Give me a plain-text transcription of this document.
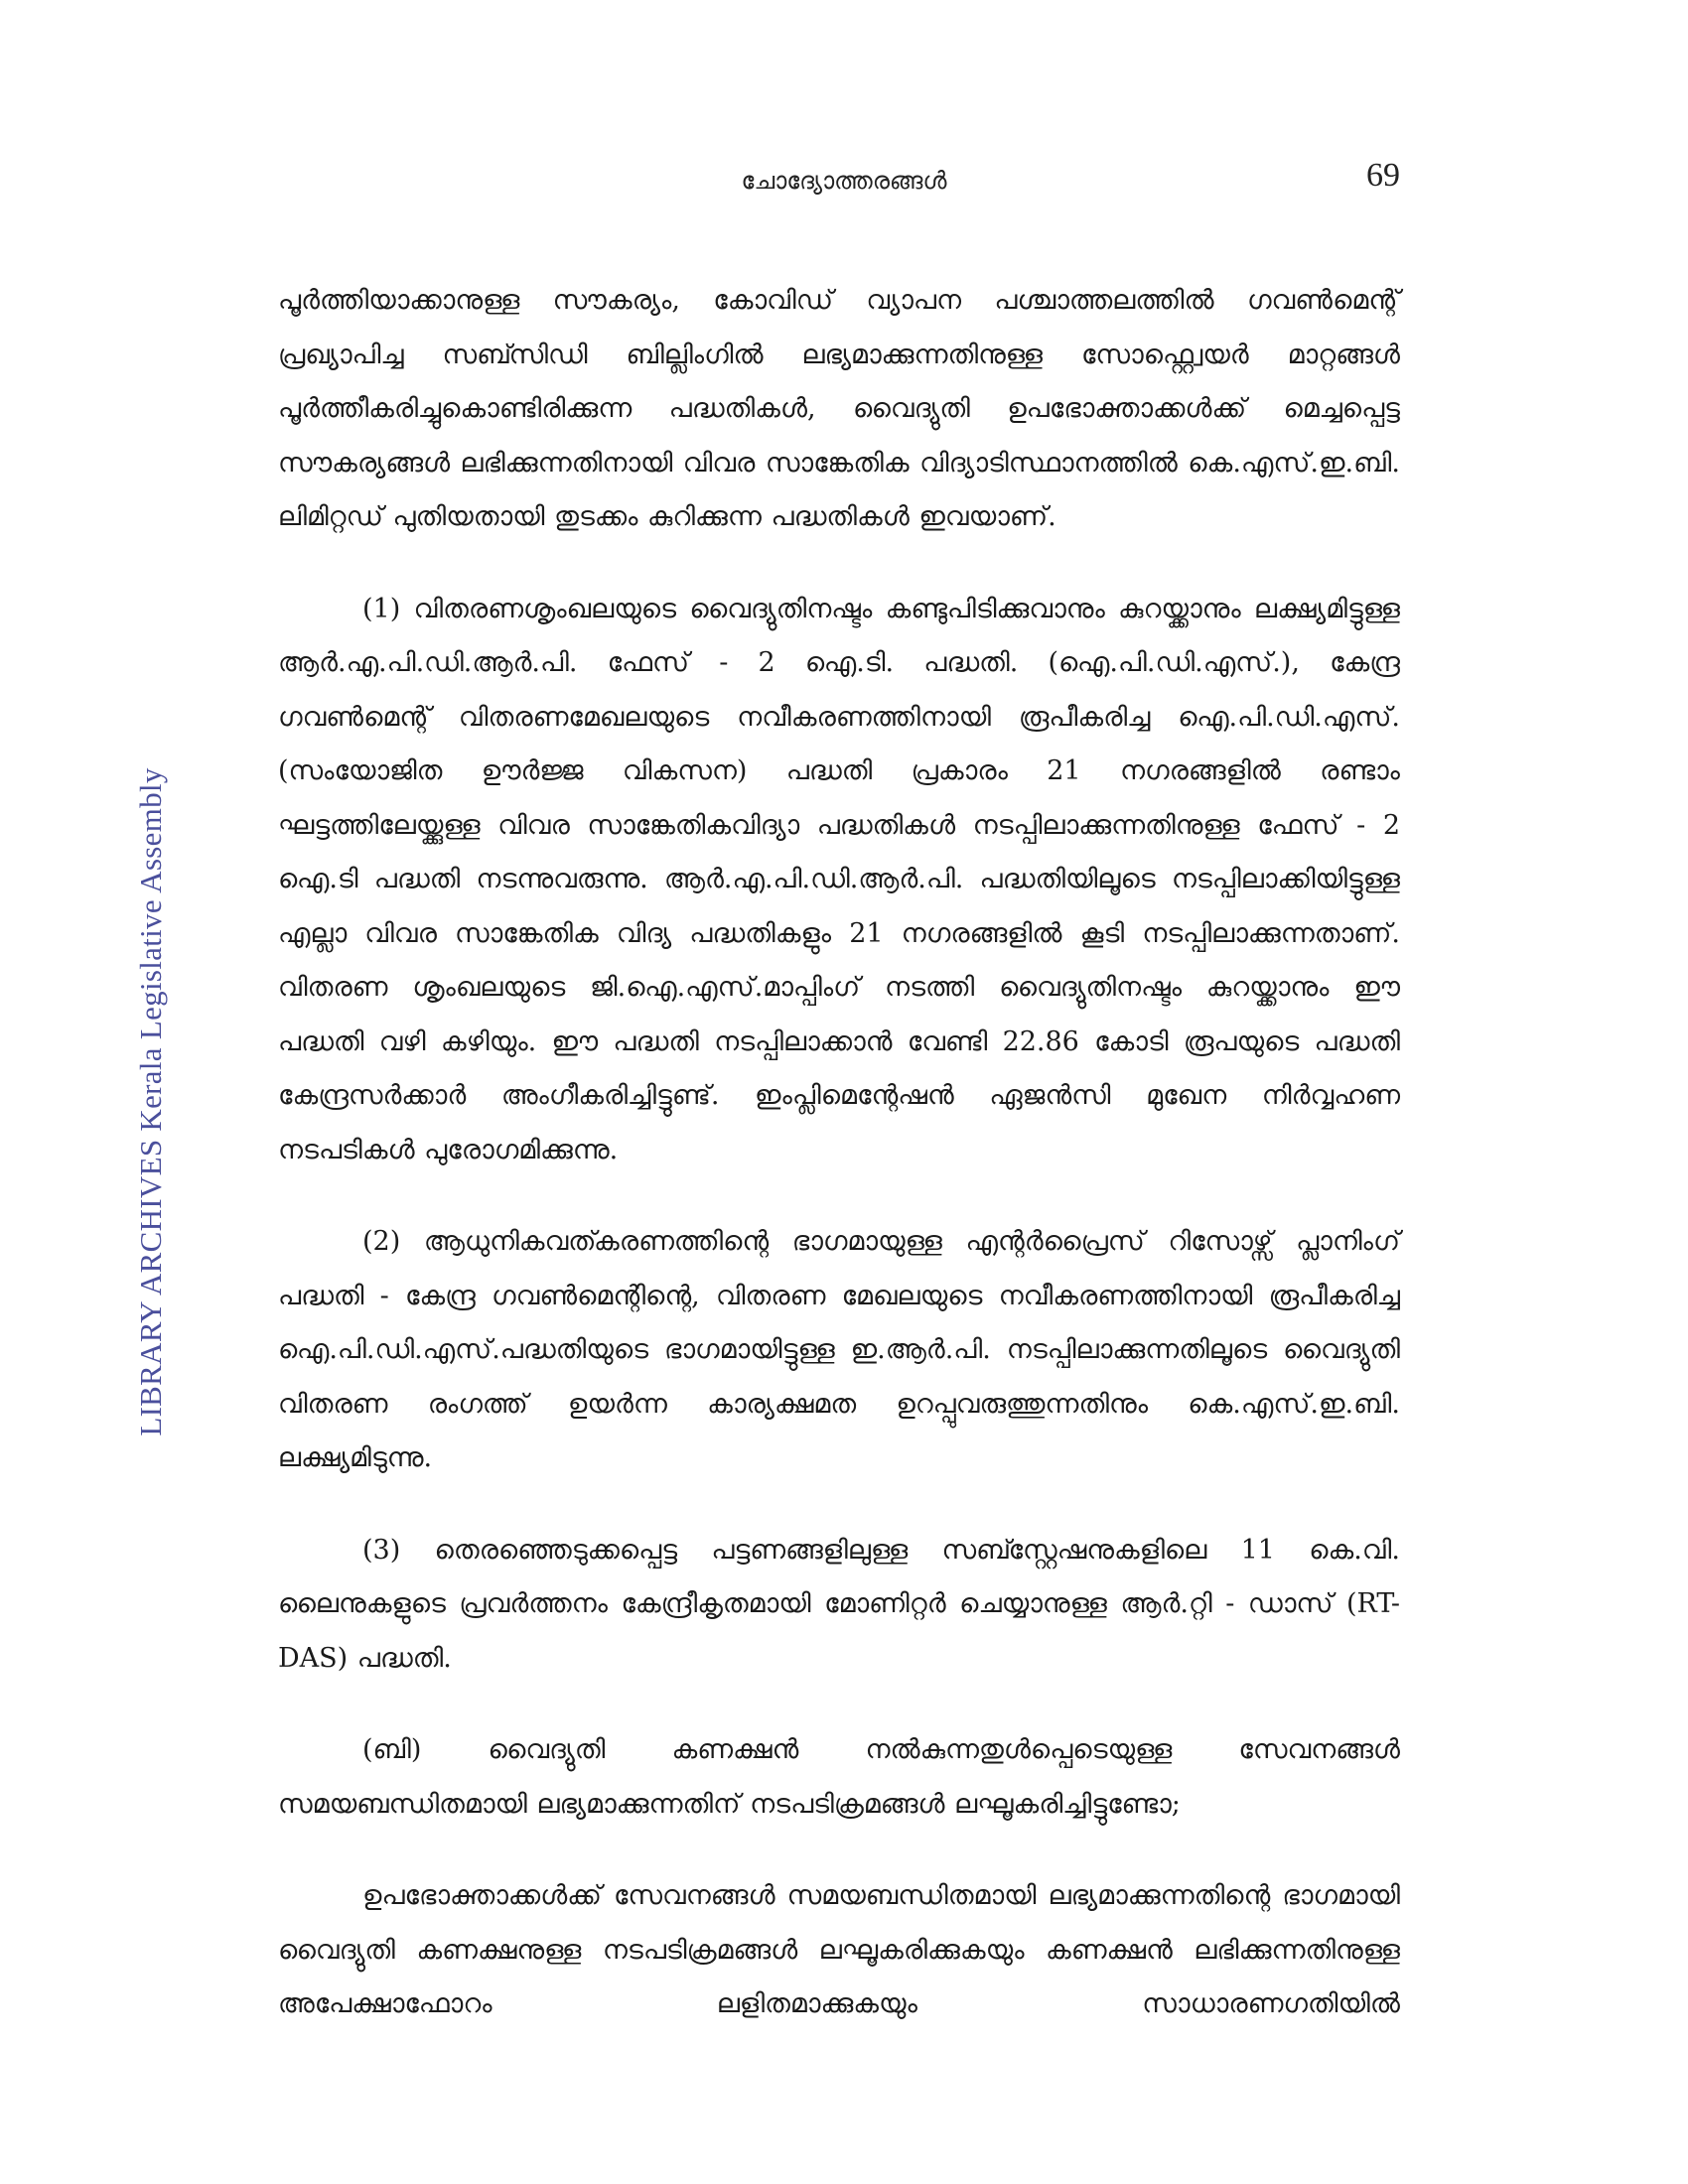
ചോദ്യോത്തരങ്ങൾ	69
LIBRARY ARCHIVES Kerala Legislative Assembly

പൂർത്തിയാക്കാനുള്ള സൗകര്യം, കോവിഡ് വ്യാപന പശ്ചാത്തലത്തിൽ ഗവൺമെന്റ് പ്രഖ്യാപിച്ച സബ്സിഡി ബില്ലിംഗിൽ ലഭ്യമാക്കുന്നതിനുള്ള സോഫ്റ്റ്വെയർ മാറ്റങ്ങൾ പൂർത്തീകരിച്ചുകൊണ്ടിരിക്കുന്ന പദ്ധതികൾ, വൈദ്യുതി ഉപഭോക്താക്കൾക്ക് മെച്ചപ്പെട്ട സൗകര്യങ്ങൾ ലഭിക്കുന്നതിനായി വിവര സാങ്കേതിക വിദ്യാടിസ്ഥാനത്തിൽ കെ.എസ്.ഇ.ബി. ലിമിറ്റഡ് പുതിയതായി തുടക്കം കുറിക്കുന്ന പദ്ധതികൾ ഇവയാണ്.

(1) വിതരണശൃംഖലയുടെ വൈദ്യുതിനഷ്ടം കണ്ടുപിടിക്കുവാനും കുറയ്ക്കാനും ലക്ഷ്യമിട്ടുള്ള ആർ.എ.പി.ഡി.ആർ.പി. ഫേസ് - 2 ഐ.ടി. പദ്ധതി. (ഐ.പി.ഡി.എസ്.), കേന്ദ്ര ഗവൺമെന്റ് വിതരണമേഖലയുടെ നവീകരണത്തിനായി രൂപീകരിച്ച ഐ.പി.ഡി.എസ്. (സംയോജിത ഊർജ്ജ വികസന) പദ്ധതി പ്രകാരം 21 നഗരങ്ങളിൽ രണ്ടാം ഘട്ടത്തിലേയ്ക്കുള്ള വിവര സാങ്കേതികവിദ്യാ പദ്ധതികൾ നടപ്പിലാക്കുന്നതിനുള്ള ഫേസ് - 2 ഐ.ടി പദ്ധതി നടന്നുവരുന്നു. ആർ.എ.പി.ഡി.ആർ.പി. പദ്ധതിയിലൂടെ നടപ്പിലാക്കിയിട്ടുള്ള എല്ലാ വിവര സാങ്കേതിക വിദ്യ പദ്ധതികളും 21 നഗരങ്ങളിൽ കൂടി നടപ്പിലാക്കുന്നതാണ്. വിതരണ ശൃംഖലയുടെ ജി.ഐ.എസ്.മാപ്പിംഗ് നടത്തി വൈദ്യുതിനഷ്ടം കുറയ്ക്കാനും ഈ പദ്ധതി വഴി കഴിയും. ഈ പദ്ധതി നടപ്പിലാക്കാൻ വേണ്ടി 22.86 കോടി രൂപയുടെ പദ്ധതി കേന്ദ്രസർക്കാർ അംഗീകരിച്ചിട്ടുണ്ട്. ഇംപ്ലിമെന്റേഷൻ ഏജൻസി മുഖേന നിർവ്വഹണ നടപടികൾ പുരോഗമിക്കുന്നു.

(2) ആധുനികവത്കരണത്തിന്റെ ഭാഗമായുള്ള എന്റർപ്രൈസ് റിസോഴ്സ് പ്ലാനിംഗ് പദ്ധതി - കേന്ദ്ര ഗവൺമെന്റിന്റെ, വിതരണ മേഖലയുടെ നവീകരണത്തിനായി രൂപീകരിച്ച ഐ.പി.ഡി.എസ്.പദ്ധതിയുടെ ഭാഗമായിട്ടുള്ള ഇ.ആർ.പി. നടപ്പിലാക്കുന്നതിലൂടെ വൈദ്യുതി വിതരണ രംഗത്ത് ഉയർന്ന കാര്യക്ഷമത ഉറപ്പുവരുത്തുന്നതിനും കെ.എസ്.ഇ.ബി. ലക്ഷ്യമിടുന്നു.

(3) തെരഞ്ഞെടുക്കപ്പെട്ട പട്ടണങ്ങളിലുള്ള സബ്സ്റ്റേഷനുകളിലെ 11 കെ.വി. ലൈനുകളുടെ പ്രവർത്തനം കേന്ദ്രീകൃതമായി മോണിറ്റർ ചെയ്യാനുള്ള ആർ.റ്റി - ഡാസ് (RT-DAS) പദ്ധതി.

(ബി) വൈദ്യുതി കണക്ഷൻ നൽകുന്നതുൾപ്പെടെയുള്ള സേവനങ്ങൾ സമയബന്ധിതമായി ലഭ്യമാക്കുന്നതിന് നടപടിക്രമങ്ങൾ ലഘൂകരിച്ചിട്ടുണ്ടോ;

ഉപഭോക്താക്കൾക്ക് സേവനങ്ങൾ സമയബന്ധിതമായി ലഭ്യമാക്കുന്നതിന്റെ ഭാഗമായി വൈദ്യുതി കണക്ഷനുള്ള നടപടിക്രമങ്ങൾ ലഘൂകരിക്കുകയും കണക്ഷൻ ലഭിക്കുന്നതിനുള്ള അപേക്ഷാഫോറം ലളിതമാക്കുകയും സാധാരണഗതിയിൽ
